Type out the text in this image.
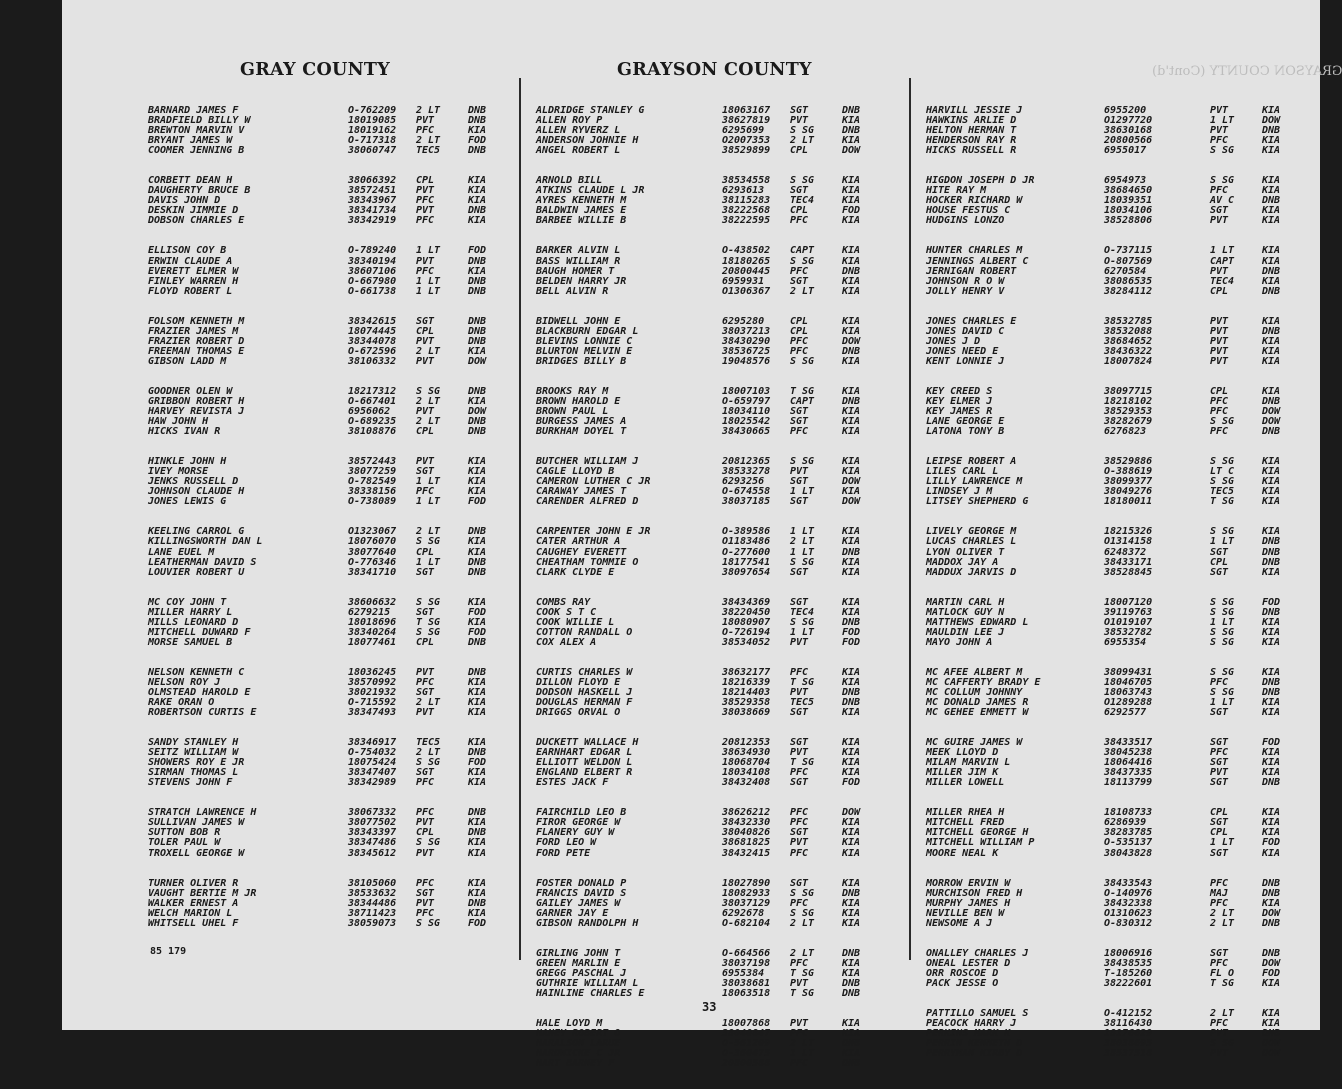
GRAY COUNTY	GRAYSON COUNTY	GRAYSON COUNTY (Cont'd)
BARNARD JAMES F	O-762209 2 LT	DNB
BRADFIELD BILLY W	18019085 PVT	DNB
BREWTON MARVIN V	18019162 PFC	KIA
BRYANT JAMES W	O-717318 2 LT	FOD
COOMER JENNING B	38060747 TEC5	DNB
CORBETT DEAN H	38066392 CPL	KIA
DAUGHERTY BRUCE B	38572451 PVT	KIA
DAVIS JOHN D	38343967 PFC	KIA
DESKIN JIMMIE D	38341734 PVT	DNB
DOBSON CHARLES E	38342919 PFC	KIA
ELLISON COY B	O-789240 1 LT	FOD
ERWIN CLAUDE A	38340194 PVT	DNB
EVERETT ELMER W	38607106 PFC	KIA
FINLEY WARREN H	O-667980 1 LT	DNB
FLOYD ROBERT L	O-661738 1 LT	DNB
FOLSOM KENNETH M	38342615 SGT	DNB
FRAZIER JAMES M	18074445 CPL	DNB
FRAZIER ROBERT D	38344078 PVT	DNB
FREEMAN THOMAS E	O-672596 2 LT	KIA
GIBSON LADD M	38106332 PVT	DOW
GOODNER OLEN W	18217312 S SG	DNB
GRIBBON ROBERT H	O-667401 2 LT	KIA
HARVEY REVISTA J	6956062	PVT	DOW
HAW JOHN H	O-689235 2 LT	DNB
HICKS IVAN R	38108876 CPL	DNB
HINKLE JOHN H	38572443 PVT	KIA
IVEY MORSE	38077259 SGT	KIA
JENKS RUSSELL D	O-782549 1 LT	KIA
JOHNSON CLAUDE H	38338156 PFC	KIA
JONES LEWIS G	O-738089 1 LT	FOD
KEELING CARROL G	O1323067 2 LT	DNB
KILLINGSWORTH DAN L	18076070 S SG	KIA
LANE EUEL M	38077640 CPL	KIA
LEATHERMAN DAVID S	O-776346 1 LT	DNB
LOUVIER ROBERT U	38341710 SGT	DNB
MC COY JOHN T	38606632 S SG	KIA
MILLER HARRY L	6279215	SGT	FOD
MILLS LEONARD D	18018696 T SG	KIA
MITCHELL DUWARD F	38340264 S SG	FOD
MORSE SAMUEL B	18077461 CPL	DNB
NELSON KENNETH C	18036245 PVT	DNB
NELSON ROY J	38570992 PFC	KIA
OLMSTEAD HAROLD E	38021932 SGT	KIA
RAKE ORAN O	O-715592 2 LT	KIA
ROBERTSON CURTIS E	38347493 PVT	KIA
SANDY STANLEY H	38346917 TEC5	KIA
SEITZ WILLIAM W	O-754032 2 LT	DNB
SHOWERS ROY E JR	18075424 S SG	FOD
SIRMAN THOMAS L	38347407 SGT	KIA
STEVENS JOHN F	38342989 PFC	KIA
STRATCH LAWRENCE H	38067332 PFC	DNB
SULLIVAN JAMES W	38077502 PVT	KIA
SUTTON BOB R	38343397 CPL	DNB
TOLER PAUL W	38347486 S SG	KIA
TROXELL GEORGE W	38345612 PVT	KIA
TURNER OLIVER R	38105060 PFC	KIA
VAUGHT BERTIE M JR	38533632 SGT	KIA
WALKER ERNEST A	38344486 PVT	DNB
WELCH MARION L	38711423 PFC	KIA
WHITSELL UHEL F	38059073 S SG	FOD
ALDRIDGE STANLEY G	18063167 SGT	DNB
ALLEN ROY P	38627819 PVT	KIA
ALLEN RYVERZ L	6295699	S SG	DNB
ANDERSON JOHNIE H	O2007353 2 LT	KIA
ANGEL ROBERT L	38529899 CPL	DOW
ARNOLD BILL	38534558 S SG	KIA
ATKINS CLAUDE L JR	6293613	SGT	KIA
AYRES KENNETH M	38115283 TEC4	KIA
BALDWIN JAMES E	38222568 CPL	FOD
BARBEE WILLIE B	38222595 PFC	KIA
BARKER ALVIN L	O-438502 CAPT	KIA
BASS WILLIAM R	18180265 S SG	KIA
BAUGH HOMER T	20800445 PFC	DNB
BELDEN HARRY JR	6959931	SGT	KIA
BELL ALVIN R	O1306367 2 LT	KIA
BIDWELL JOHN E	6295280	CPL	KIA
BLACKBURN EDGAR L	38037213 CPL	KIA
BLEVINS LONNIE C	38430290 PFC	DOW
BLURTON MELVIN E	38536725 PFC	DNB
BRIDGES BILLY B	19048576 S SG	KIA
BROOKS RAY M	18007103 T SG	KIA
BROWN HAROLD E	O-659797 CAPT	DNB
BROWN PAUL L	18034110 SGT	KIA
BURGESS JAMES A	18025542 SGT	KIA
BURKHAM DOYEL T	38430665 PFC	KIA
BUTCHER WILLIAM J	20812365 S SG	KIA
CAGLE LLOYD B	38533278 PVT	KIA
CAMERON LUTHER C JR	6293256	SGT	DOW
CARAWAY JAMES T	O-674558 1 LT	KIA
CARENDER ALFRED D	38037185 SGT	DOW
CARPENTER JOHN E JR	O-389586 1 LT	KIA
CATER ARTHUR A	O1183486 2 LT	KIA
CAUGHEY EVERETT	O-277600 1 LT	DNB
CHEATHAM TOMMIE O	18177541 S SG	KIA
CLARK CLYDE E	38097654 SGT	KIA
COMBS RAY	38434369 SGT	KIA
COOK S T C	38220450 TEC4	KIA
COOK WILLIE L	18080907 S SG	DNB
COTTON RANDALL O	O-726194 1 LT	FOD
COX ALEX A	38534052 PVT	FOD
CURTIS CHARLES W	38632177 PFC	KIA
DILLON FLOYD E	18216339 T SG	KIA
DODSON HASKELL J	18214403 PVT	DNB
DOUGLAS HERMAN F	38529358 TEC5	DNB
DRIGGS ORVAL O	38038669 SGT	KIA
DUCKETT WALLACE H	20812353 SGT	KIA
EARNHART EDGAR L	38634930 PVT	KIA
ELLIOTT WELDON L	18068704 T SG	KIA
ENGLAND ELBERT R	18034108 PFC	KIA
ESTES JACK F	38432408 SGT	FOD
FAIRCHILD LEO B	38626212 PFC	DOW
FIROR GEORGE W	38432330 PFC	KIA
FLANERY GUY W	38040826 SGT	KIA
FORD LEO W	38681825 PVT	KIA
FORD PETE	38432415 PFC	KIA
FOSTER DONALD P	18027890 SGT	KIA
FRANCIS DAVID S	18082933 S SG	DNB
GAILEY JAMES W	38037129 PFC	KIA
GARNER JAY E	6292678	S SG	KIA
GIBSON RANDOLPH H	O-682104 2 LT	KIA
GIRLING JOHN T	O-664566 2 LT	DNB
GREEN MARLIN E	38037198 PFC	KIA
GREGG PASCHAL J	6955384	T SG	KIA
GUTHRIE WILLIAM L	38038681 PVT	DNB
HAINLINE CHARLES E	18063518 T SG	DNB
HALE LOYD M	18007868 PVT	KIA
HANEY ROBERT O	38040847 PFC	KIA
HARALSON LARUE	O-561209 2 LT	DNB
HARDWICKE C JR	O-360475 1 LT	KIA
HART BARNEY F	20800588 PFC	DNB
HARVILL JESSIE J	6955200	PVT	KIA
HAWKINS ARLIE D	O1297720	1 LT	DOW
HELTON HERMAN T	38630168	PVT	DNB
HENDERSON RAY R	20800566	PFC	KIA
HICKS RUSSELL R	6955017	S SG	KIA
HIGDON JOSEPH D JR	6954973	S SG	KIA
HITE RAY M	38684650	PFC	KIA
HOCKER RICHARD W	18039351	AV C	DNB
HOUSE FESTUS C	18034106	SGT	KIA
HUDGINS LONZO	38528806	PVT	KIA
HUNTER CHARLES M	O-737115	1 LT	KIA
JENNINGS ALBERT C	O-807569	CAPT	KIA
JERNIGAN ROBERT	6270584	PVT	DNB
JOHNSON R O W	38086535	TEC4	KIA
JOLLY HENRY V	38284112	CPL	DNB
JONES CHARLES E	38532785	PVT	KIA
JONES DAVID C	38532088	PVT	DNB
JONES J D	38684652	PVT	KIA
JONES NEED E	38436322	PVT	KIA
KENT LONNIE J	18007824	PVT	KIA
KEY CREED S	38097715	CPL	KIA
KEY ELMER J	18218102	PFC	DNB
KEY JAMES R	38529353	PFC	DOW
LANE GEORGE E	38282679	S SG	DOW
LATONA TONY B	6276823	PFC	DNB
LEIPSE ROBERT A	38529886	S SG	KIA
LILES CARL L	O-388619	LT C	KIA
LILLY LAWRENCE M	38099377	S SG	KIA
LINDSEY J M	38049276	TEC5	KIA
LITSEY SHEPHERD G	18180011	T SG	KIA
LIVELY GEORGE M	18215326	S SG	KIA
LUCAS CHARLES L	O1314158	1 LT	DNB
LYON OLIVER T	6248372	SGT	DNB
MADDOX JAY A	38433171	CPL	DNB
MADDUX JARVIS D	38528845	SGT	KIA
MARTIN CARL H	18007120	S SG	FOD
MATLOCK GUY N	39119763	S SG	DNB
MATTHEWS EDWARD L	O1019107	1 LT	KIA
MAULDIN LEE J	38532782	S SG	KIA
MAYO JOHN A	6955354	S SG	KIA
MC AFEE ALBERT M	38099431	S SG	KIA
MC CAFFERTY BRADY E	18046705	PFC	DNB
MC COLLUM JOHNNY	18063743	S SG	DNB
MC DONALD JAMES R	O1289288	1 LT	KIA
MC GEHEE EMMETT W	6292577	SGT	KIA
MC GUIRE JAMES W	38433517	SGT	FOD
MEEK LLOYD D	38045238	PFC	KIA
MILAM MARVIN L	18064416	SGT	KIA
MILLER JIM K	38437335	PVT	KIA
MILLER LOWELL	18113799	SGT	DNB
MILLER RHEA H	18108733	CPL	KIA
MITCHELL FRED	6286939	SGT	KIA
MITCHELL GEORGE H	38283785	CPL	KIA
MITCHELL WILLIAM P	O-535137	1 LT	FOD
MOORE NEAL K	38043828	SGT	KIA
MORROW ERVIN W	38433543	PFC	DNB
MURCHISON FRED H	O-140976	MAJ	DNB
MURPHY JAMES H	38432338	PFC	KIA
NEVILLE BEN W	O1310623	2 LT	DOW
NEWSOME A J	O-830312	2 LT	DNB
ONALLEY CHARLES J	18006916	SGT	DNB
ONEAL LESTER D	38438535	PFC	DOW
ORR ROSCOE D	T-185260	FL O	FOD
PACK JESSE O	38222601	T SG	KIA
PATTILLO SAMUEL S	O-412152	2 LT	KIA
PEACOCK HARRY J	38116430	PFC	KIA
PERKINS MARK K	18176629	PVT	DNB
PERRIN KENNETH D	38038695	S SG	DOW
PERRYMAN KIRBY D	38537518	PVT	DOW
85 179
33
